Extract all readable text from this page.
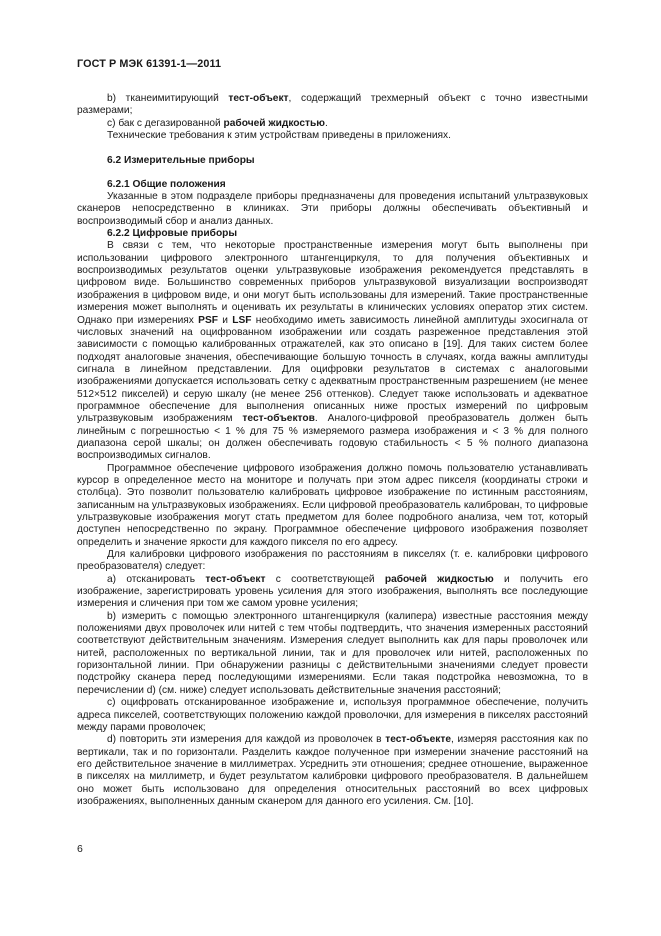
ГОСТ Р МЭК 61391-1—2011

b) тканеимитирующий тест-объект, содержащий трехмерный объект с точно известными размерами;

c) бак с дегазированной рабочей жидкостью.

Технические требования к этим устройствам приведены в приложениях.

6.2 Измерительные приборы
6.2.1 Общие положения

Указанные в этом подразделе приборы предназначены для проведения испытаний ультразвуковых сканеров непосредственно в клиниках. Эти приборы должны обеспечивать объективный и воспроизводимый сбор и анализ данных.

6.2.2 Цифровые приборы

В связи с тем, что некоторые пространственные измерения могут быть выполнены при использовании цифрового электронного штангенциркуля, то для получения объективных и воспроизводимых результатов оценки ультразвуковые изображения рекомендуется представлять в цифровом виде. Большинство современных приборов ультразвуковой визуализации воспроизводят изображения в цифровом виде, и они могут быть использованы для измерений. Такие пространственные измерения может выполнять и оценивать их результаты в клинических условиях оператор этих систем. Однако при измерениях PSF и LSF необходимо иметь зависимость линейной амплитуды эхосигнала от числовых значений на оцифрованном изображении или создать разреженное представления этой зависимости с помощью калиброванных отражателей, как это описано в [19]. Для таких систем более подходят аналоговые значения, обеспечивающие большую точность в случаях, когда важны амплитуды сигнала в линейном представлении. Для оцифровки результатов в системах с аналоговыми изображениями допускается использовать сетку с адекватным пространственным разрешением (не менее 512×512 пикселей) и серую шкалу (не менее 256 оттенков). Следует также использовать и адекватное программное обеспечение для выполнения описанных ниже простых измерений по цифровым ультразвуковым изображениям тест-объектов. Аналого-цифровой преобразователь должен быть линейным с погрешностью < 1 % для 75 % измеряемого размера изображения и < 3 % для полного диапазона серой шкалы; он должен обеспечивать годовую стабильность < 5 % полного диапазона воспроизводимых сигналов.

Программное обеспечение цифрового изображения должно помочь пользователю устанавливать курсор в определенное место на мониторе и получать при этом адрес пикселя (координаты строки и столбца). Это позволит пользователю калибровать цифровое изображение по истинным расстояниям, записанным на ультразвуковых изображениях. Если цифровой преобразователь калиброван, то цифровые ультразвуковые изображения могут стать предметом для более подробного анализа, чем тот, который доступен непосредственно по экрану. Программное обеспечение цифрового изображения позволяет определить и значение яркости для каждого пикселя по его адресу.

Для калибровки цифрового изображения по расстояниям в пикселях (т. е. калибровки цифрового преобразователя) следует:

a) отсканировать тест-объект с соответствующей рабочей жидкостью и получить его изображение, зарегистрировать уровень усиления для этого изображения, выполнять все последующие измерения и сличения при том же самом уровне усиления;

b) измерить с помощью электронного штангенциркуля (калипера) известные расстояния между положениями двух проволочек или нитей с тем чтобы подтвердить, что значения измеренных расстояний соответствуют действительным значениям. Измерения следует выполнить как для пары проволочек или нитей, расположенных по вертикальной линии, так и для проволочек или нитей, расположенных по горизонтальной линии. При обнаружении разницы с действительными значениями следует провести подстройку сканера перед последующими измерениями. Если такая подстройка невозможна, то в перечислении d) (см. ниже) следует использовать действительные значения расстояний;

c) оцифровать отсканированное изображение и, используя программное обеспечение, получить адреса пикселей, соответствующих положению каждой проволочки, для измерения в пикселях расстояний между парами проволочек;

d) повторить эти измерения для каждой из проволочек в тест-объекте, измеряя расстояния как по вертикали, так и по горизонтали. Разделить каждое полученное при измерении значение расстояний на его действительное значение в миллиметрах. Усреднить эти отношения; среднее отношение, выраженное в пикселях на миллиметр, и будет результатом калибровки цифрового преобразователя. В дальнейшем оно может быть использовано для определения относительных расстояний во всех цифровых изображениях, выполненных данным сканером для данного его усиления. См. [10].

6
